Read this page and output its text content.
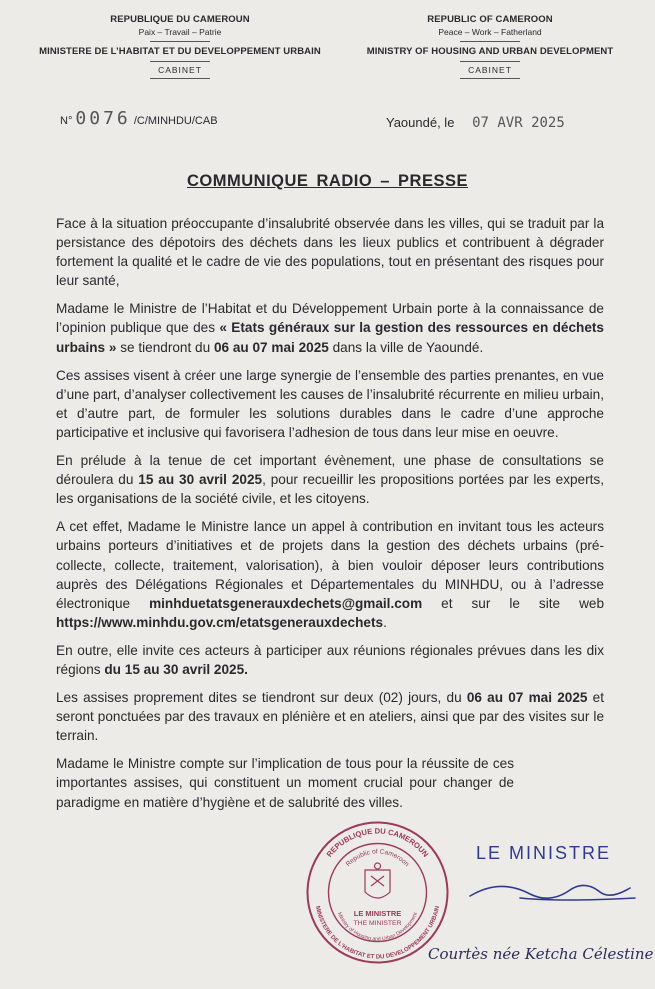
REPUBLIQUE DU CAMEROUN
Paix – Travail – Patrie
MINISTERE DE L’HABITAT ET DU DEVELOPPEMENT URBAIN
CABINET
REPUBLIC OF CAMEROON
Peace – Work – Fatherland
MINISTRY OF HOUSING AND URBAN DEVELOPMENT
CABINET
N° 0076 /C/MINHDU/CAB	Yaoundé, le 07 AVR 2025
COMMUNIQUE RADIO – PRESSE

Face à la situation préoccupante d’insalubrité observée dans les villes, qui se traduit par la persistance des dépotoirs des déchets dans les lieux publics et contribuent à dégrader fortement la qualité et le cadre de vie des populations, tout en présentant des risques pour leur santé,

Madame le Ministre de l’Habitat et du Développement Urbain porte à la connaissance de l’opinion publique que des « Etats généraux sur la gestion des ressources en déchets urbains » se tiendront du 06 au 07 mai 2025 dans la ville de Yaoundé.

Ces assises visent à créer une large synergie de l’ensemble des parties prenantes, en vue d’une part, d’analyser collectivement les causes de l’insalubrité récurrente en milieu urbain, et d’autre part, de formuler les solutions durables dans le cadre d’une approche participative et inclusive qui favorisera l’adhesion de tous dans leur mise en oeuvre.

En prélude à la tenue de cet important évènement, une phase de consultations se déroulera du 15 au 30 avril 2025, pour recueillir les propositions portées par les experts, les organisations de la société civile, et les citoyens.

A cet effet, Madame le Ministre lance un appel à contribution en invitant tous les acteurs urbains porteurs d’initiatives et de projets dans la gestion des déchets urbains (pré-collecte, collecte, traitement, valorisation), à bien vouloir déposer leurs contributions auprès des Délégations Régionales et Départementales du MINHDU, ou à l’adresse électronique minhduetatsgenerauxdechets@gmail.com et sur le site web https://www.minhdu.gov.cm/etatsgenerauxdechets.

En outre, elle invite ces acteurs à participer aux réunions régionales prévues dans les dix régions du 15 au 30 avril 2025.

Les assises proprement dites se tiendront sur deux (02) jours, du 06 au 07 mai 2025 et seront ponctuées par des travaux en plénière et en ateliers, ainsi que par des visites sur le terrain.

Madame le Ministre compte sur l’implication de tous pour la réussite de ces importantes assises, qui constituent un moment crucial pour changer de paradigme en matière d’hygiène et de salubrité des villes.

REPUBLIQUE DU CAMEROUN
MINISTERE DE L’HABITAT ET DU DEVELOPPEMENT URBAIN
Republic of Cameroon
Ministry of Housing and Urban Development
LE MINISTRE
THE MINISTER
LE MINISTRE
Courtès née Ketcha Célestine
